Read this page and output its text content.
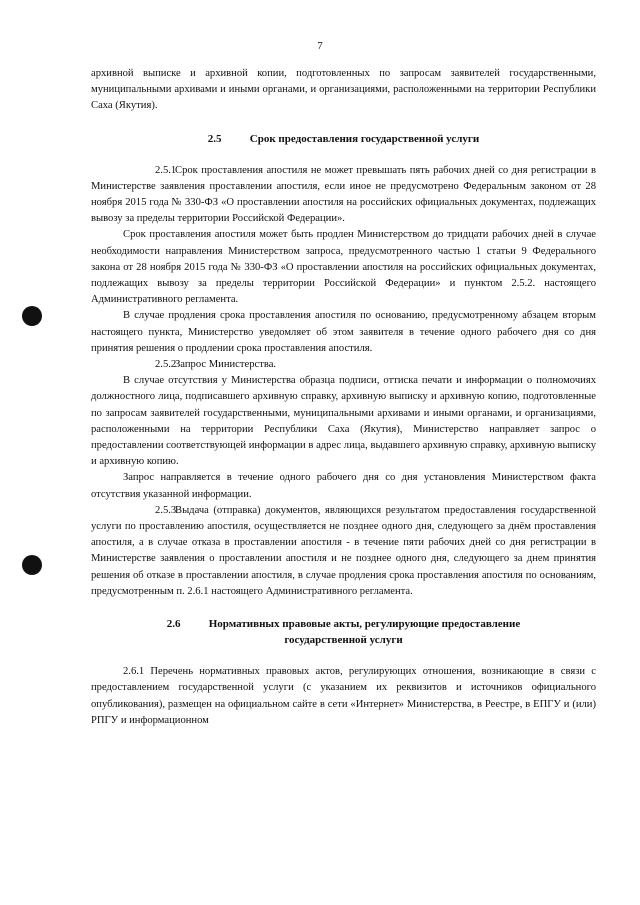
7

архивной выписке и архивной копии, подготовленных по запросам заявителей государственными, муниципальными архивами и иными органами, и организациями, расположенными на территории Республики Саха (Якутия).

2.5	Срок предоставления государственной услуги

2.5.1Срок проставления апостиля не может превышать пять рабочих дней со дня регистрации в Министерстве заявления проставлении апостиля, если иное не предусмотрено Федеральным законом от 28 ноября 2015 года № 330-ФЗ «О проставлении апостиля на российских официальных документах, подлежащих вывозу за пределы территории Российской Федерации».

Срок проставления апостиля может быть продлен Министерством до тридцати рабочих дней в случае необходимости направления Министерством запроса, предусмотренного частью 1 статьи 9 Федерального закона от 28 ноября 2015 года № 330-ФЗ «О проставлении апостиля на российских официальных документах, подлежащих вывозу за пределы территории Российской Федерации» и пунктом 2.5.2. настоящего Административного регламента.

В случае продления срока проставления апостиля по основанию, предусмотренному абзацем вторым настоящего пункта, Министерство уведомляет об этом заявителя в течение одного рабочего дня со дня принятия решения о продлении срока проставления апостиля.

2.5.2Запрос Министерства.

В случае отсутствия у Министерства образца подписи, оттиска печати и информации о полномочиях должностного лица, подписавшего архивную справку, архивную выписку и архивную копию, подготовленные по запросам заявителей государственными, муниципальными архивами и иными органами, и организациями, расположенными на территории Республики Саха (Якутия), Министерство направляет запрос о предоставлении соответствующей информации в адрес лица, выдавшего архивную справку, архивную выписку и архивную копию.

Запрос направляется в течение одного рабочего дня со дня установления Министерством факта отсутствия указанной информации.

2.5.3Выдача (отправка) документов, являющихся результатом предоставления государственной услуги по проставлению апостиля, осуществляется не позднее одного дня, следующего за днём проставления апостиля, а в случае отказа в проставлении апостиля - в течение пяти рабочих дней со дня регистрации в Министерстве заявления о проставлении апостиля и не позднее одного дня, следующего за днем принятия решения об отказе в проставлении апостиля, в случае продления срока проставления апостиля по основаниям, предусмотренным п. 2.6.1 настоящего Административного регламента.

2.6	Нормативных правовые акты, регулирующие предоставление
государственной услуги

2.6.1 Перечень нормативных правовых актов, регулирующих отношения, возникающие в связи с предоставлением государственной услуги (с указанием их реквизитов и источников официального опубликования), размещен на официальном сайте в сети «Интернет» Министерства, в Реестре, в ЕПГУ и (или) РПГУ и информационном
